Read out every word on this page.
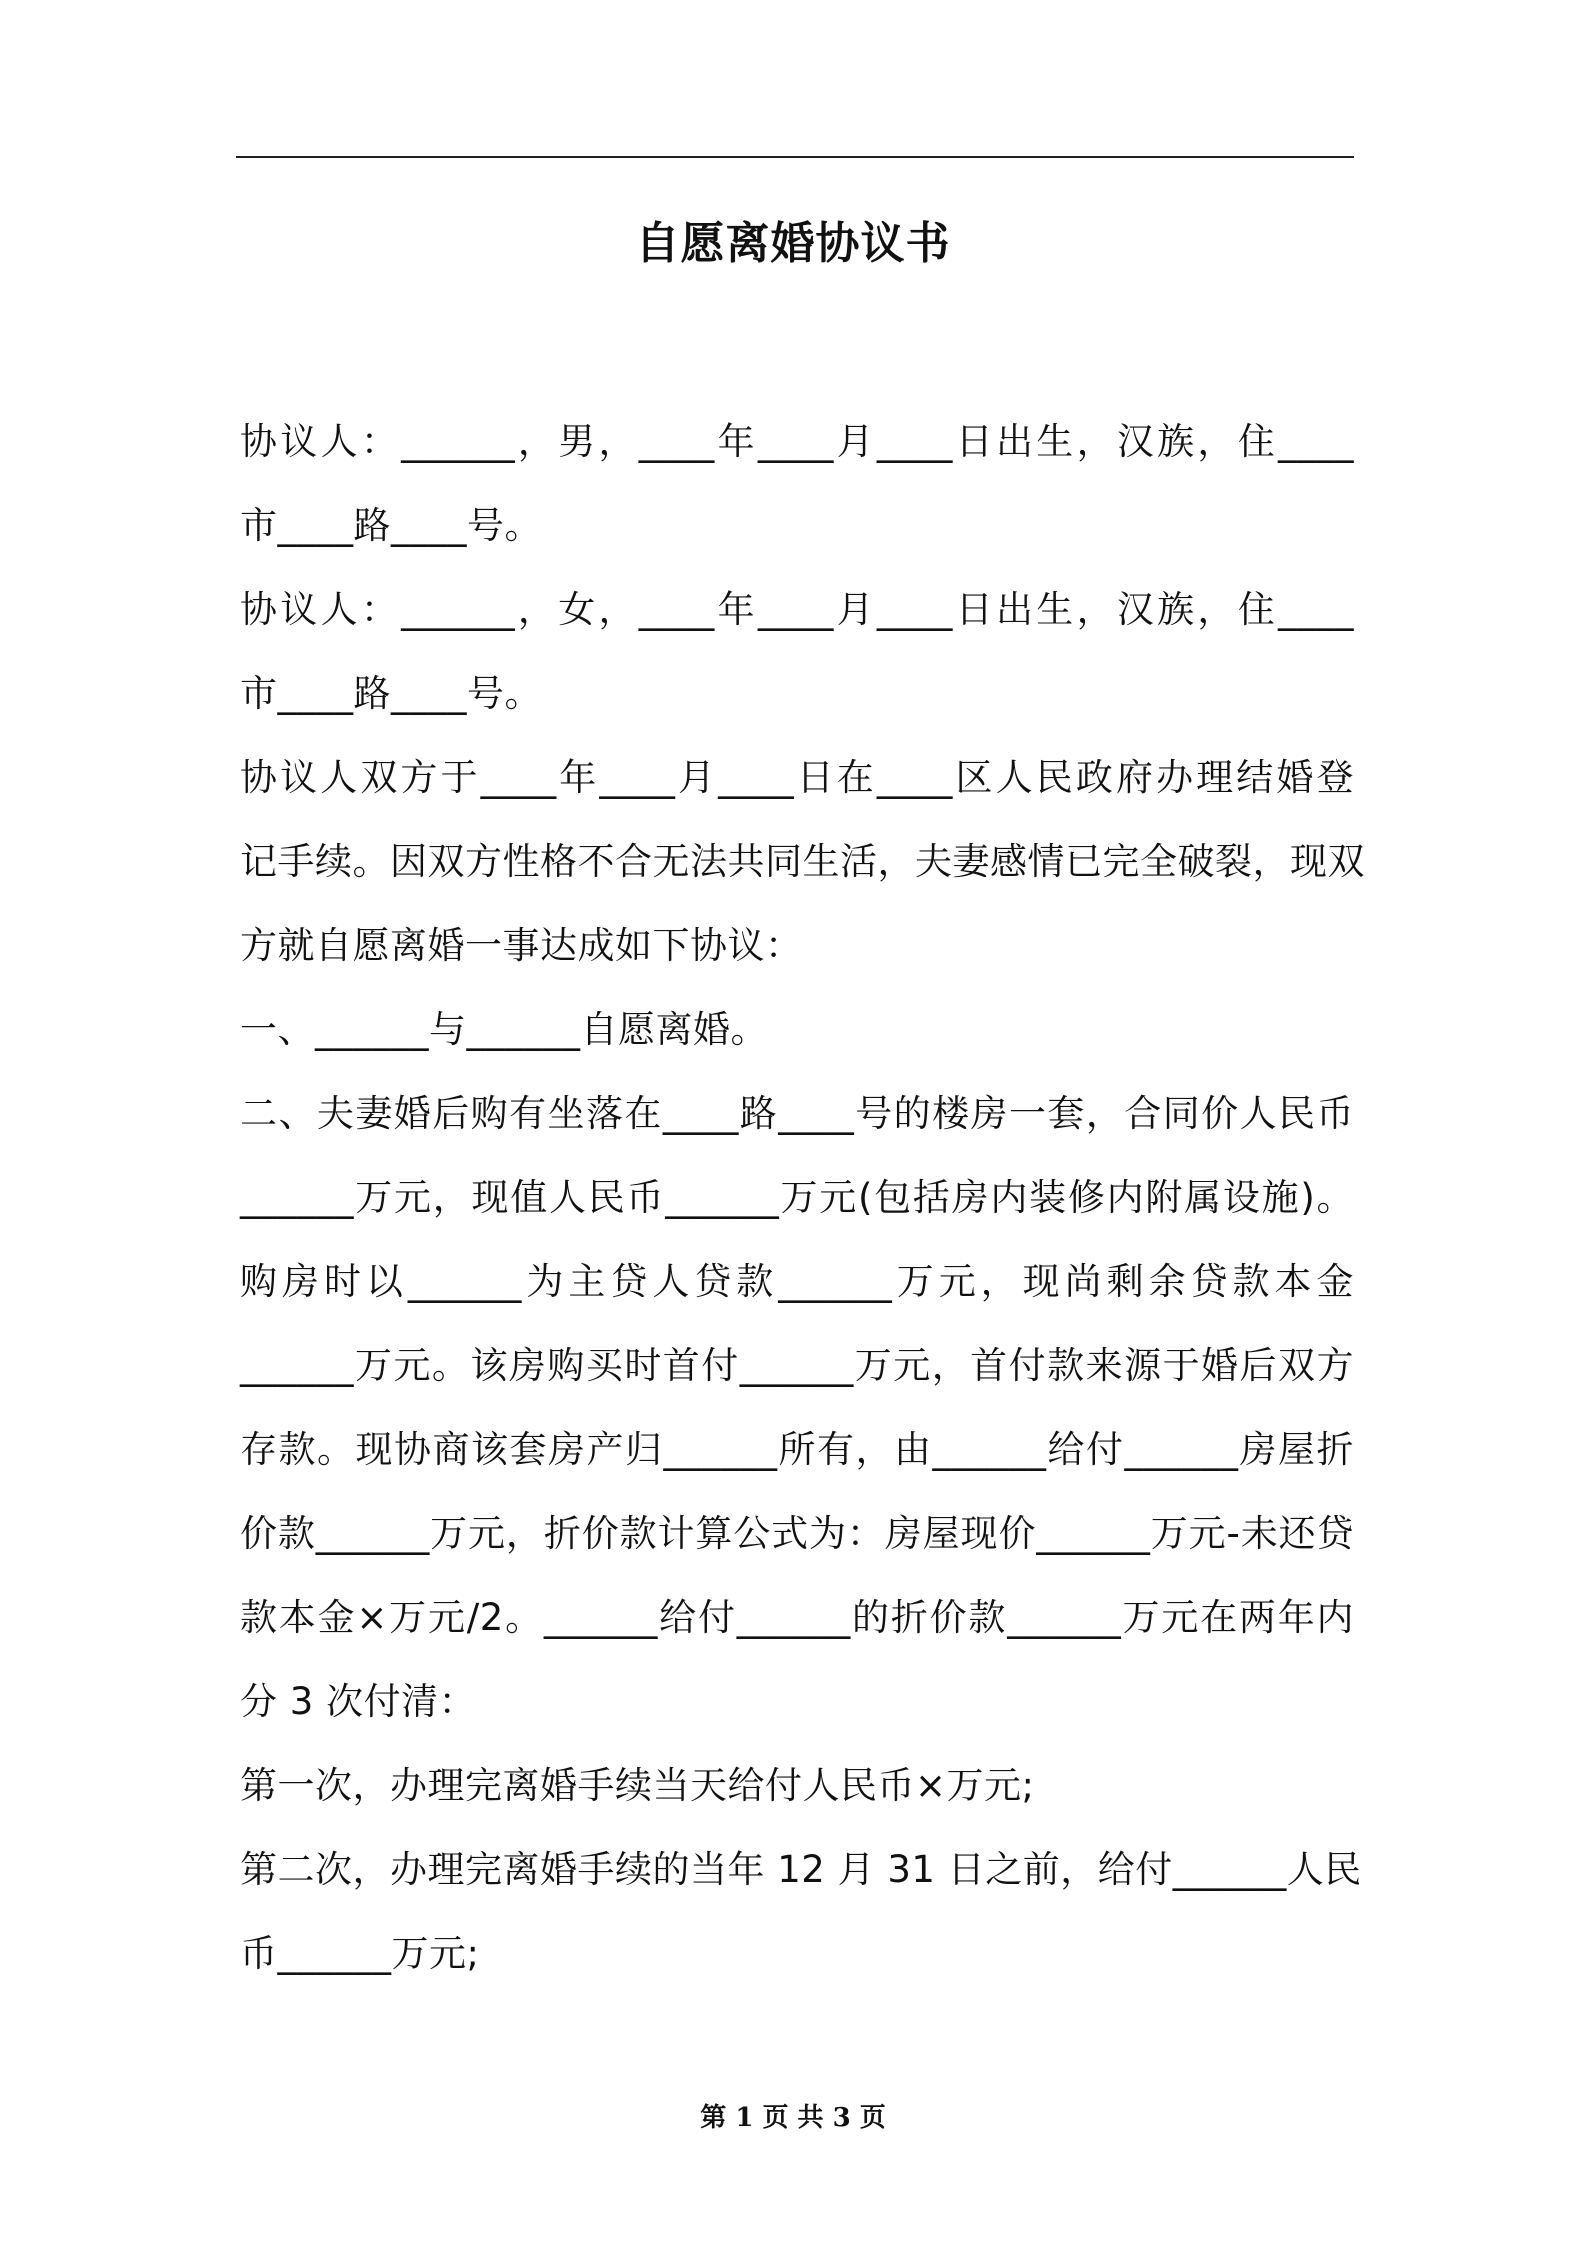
自愿离婚协议书
协议人：______，男，____年____月____日出生，汉族，住____
市____路____号。
协议人：______，女，____年____月____日出生，汉族，住____
市____路____号。
协议人双方于____年____月____日在____区人民政府办理结婚登
记手续。因双方性格不合无法共同生活，夫妻感情已完全破裂，现双
方就自愿离婚一事达成如下协议：
一、______与______自愿离婚。
二、夫妻婚后购有坐落在____路____号的楼房一套，合同价人民币
______万元，现值人民币______万元(包括房内装修内附属设施)。
购房时以______为主贷人贷款______万元，现尚剩余贷款本金
______万元。该房购买时首付______万元，首付款来源于婚后双方
存款。现协商该套房产归______所有，由______给付______房屋折
价款______万元，折价款计算公式为：房屋现价______万元-未还贷
款本金×万元/2。______给付______的折价款______万元在两年内
分 3 次付清：
第一次，办理完离婚手续当天给付人民币×万元;
第二次，办理完离婚手续的当年 12 月 31 日之前，给付______人民
币______万元;
第 1 页 共 3 页
